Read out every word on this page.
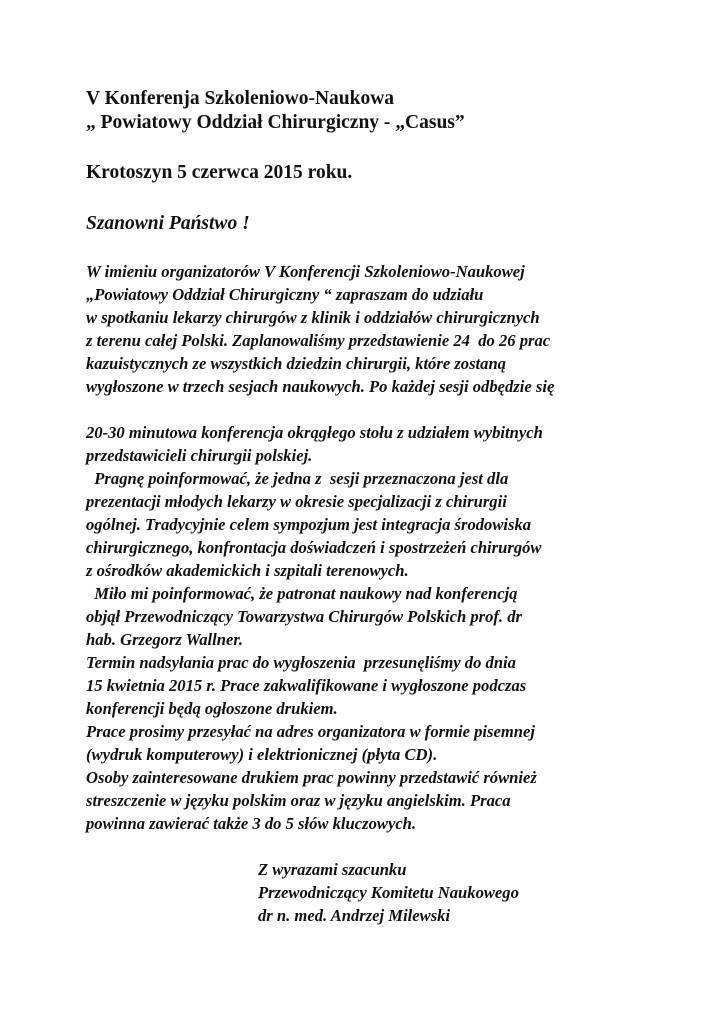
V Konferenja Szkoleniowo-Naukowa
„ Powiatowy Oddział Chirurgiczny - „Casus”
Krotoszyn 5 czerwca 2015 roku.
Szanowni Państwo !
W imieniu organizatorów V Konferencji Szkoleniowo-Naukowej
„Powiatowy Oddział Chirurgiczny “ zapraszam do udziału
w spotkaniu lekarzy chirurgów z klinik i oddziałów chirurgicznych
z terenu całej Polski. Zaplanowaliśmy przedstawienie 24  do 26 prac
kazuistycznych ze wszystkich dziedzin chirurgii, które zostaną
wygłoszone w trzech sesjach naukowych. Po każdej sesji odbędzie się
20-30 minutowa konferencja okrągłego stołu z udziałem wybitnych
przedstawicieli chirurgii polskiej.
Pragnę poinformować, że jedna z  sesji przeznaczona jest dla
prezentacji młodych lekarzy w okresie specjalizacji z chirurgii
ogólnej. Tradycyjnie celem sympozjum jest integracja środowiska
chirurgicznego, konfrontacja doświadczeń i spostrzeżeń chirurgów
z ośrodków akademickich i szpitali terenowych.
Miło mi poinformować, że patronat naukowy nad konferencją
objął Przewodniczący Towarzystwa Chirurgów Polskich prof. dr
hab. Grzegorz Wallner.
Termin nadsyłania prac do wygłoszenia  przesunęliśmy do dnia
15 kwietnia 2015 r. Prace zakwalifikowane i wygłoszone podczas
konferencji będą ogłoszone drukiem.
Prace prosimy przesyłać na adres organizatora w formie pisemnej
(wydruk komputerowy) i elektrionicznej (płyta CD).
Osoby zainteresowane drukiem prac powinny przedstawić również
streszczenie w języku polskim oraz w języku angielskim. Praca
powinna zawierać także 3 do 5 słów kluczowych.
Z wyrazami szacunku
Przewodniczący Komitetu Naukowego
dr n. med. Andrzej Milewski
